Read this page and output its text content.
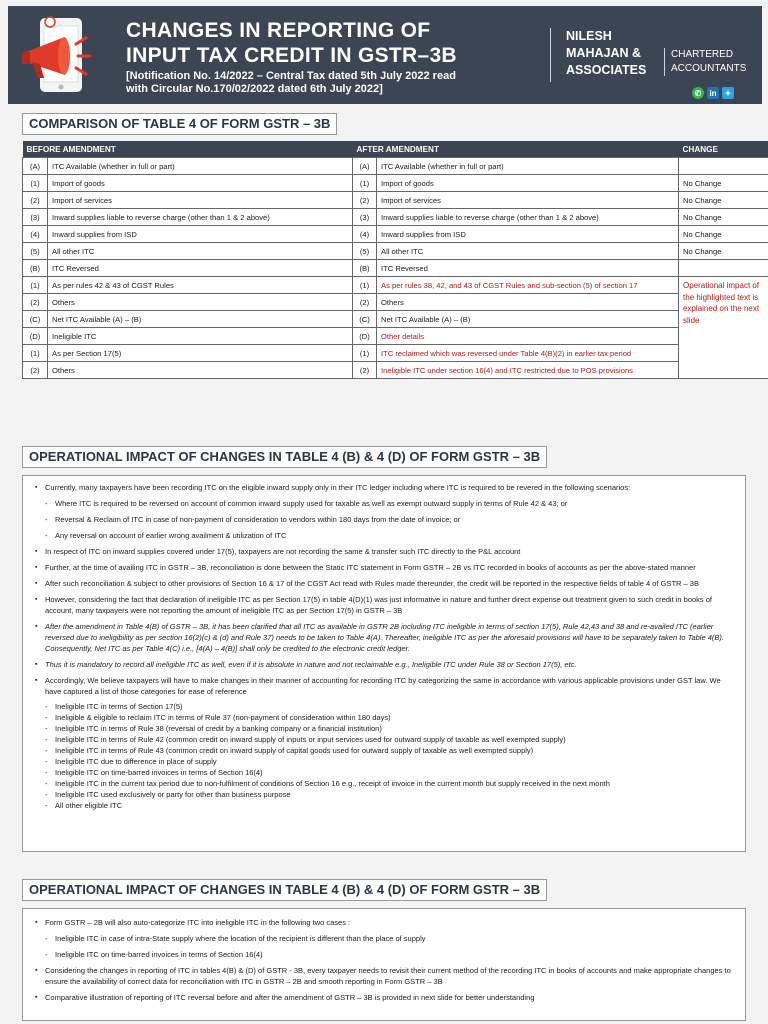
CHANGES IN REPORTING OF
INPUT TAX CREDIT IN GSTR–3B
[Notification No. 14/2022 – Central Tax dated 5th July 2022 read
with Circular No.170/02/2022 dated 6th July 2022]
NILESH
MAHAJAN &
ASSOCIATES
CHARTERED
ACCOUNTANTS
✆	in	✦
COMPARISON OF TABLE 4 OF FORM GSTR – 3B
BEFORE AMENDMENT		AFTER AMENDMENT		CHANGE
(A)	ITC Available (whether in full or part)	(A)	ITC Available (whether in full or part)	
(1)	Import of goods	(1)	Import of goods	No Change
(2)	Import of services	(2)	Import of services	No Change
(3)	Inward supplies liable to reverse charge (other than 1 & 2 above)	(3)	Inward supplies liable to reverse charge (other than 1 & 2 above)	No Change
(4)	Inward supplies from ISD	(4)	Inward supplies from ISD	No Change
(5)	All other ITC	(5)	All other ITC	No Change
(B)	ITC Reversed	(B)	ITC Reversed	
(1)	As per rules 42 & 43 of CGST Rules	(1)	As per rules 38, 42, and 43 of CGST Rules and sub-section (5) of section 17	Operational impact of the highlighted text is explained on the next slide
(2)	Others	(2)	Others	
(C)	Net ITC Available (A) – (B)	(C)	Net ITC Available (A) – (B)	
(D)	Ineligible ITC	(D)	Other details	
(1)	As per Section 17(5)	(1)	ITC reclaimed which was reversed under Table 4(B)(2) in earlier tax period	
(2)	Others	(2)	Ineligible ITC under section 16(4) and ITC restricted due to POS provisions	
OPERATIONAL IMPACT OF CHANGES IN TABLE 4 (B) & 4 (D) OF FORM GSTR – 3B
▪ Currently, many taxpayers have been recording ITC on the eligible inward supply only in their ITC ledger including where ITC is required to be revered in the following scenarios:
- Where ITC is required to be reversed on account of common inward supply used for taxable as well as exempt outward supply in terms of Rule 42 & 43; or
- Reversal & Reclaim of ITC in case of non-payment of consideration to vendors within 180 days from the date of invoice; or
- Any reversal on account of earlier wrong availment & utilization of ITC
▪ In respect of ITC on inward supplies covered under 17(5), taxpayers are not recording the same & transfer such ITC directly to the P&L account
▪ Further, at the time of availing ITC in GSTR – 3B, reconciliation is done between the Static ITC statement in Form GSTR – 2B vs ITC recorded in books of accounts as per the above-stated manner
▪ After such reconciliation & subject to other provisions of Section 16 & 17 of the CGST Act read with Rules made thereunder, the credit will be reported in the respective fields of table 4 of GSTR – 3B
▪ However, considering the fact that declaration of ineligible ITC as per Section 17(5) in table 4(D)(1) was just informative in nature and further direct expense out treatment given to such credit in books of account, many taxpayers were not reporting the amount of ineligible ITC as per Section 17(5) in GSTR – 3B
▪ After the amendment in Table 4(B) of GSTR – 3B, it has been clarified that all ITC as available in GSTR 2B including ITC ineligible in terms of section 17(5), Rule 42,43 and 38 and re-availed ITC (earlier reversed due to ineligibility as per section 16(2)(c) & (d) and Rule 37) needs to be taken to Table 4(A). Thereafter, ineligible ITC as per the aforesaid provisions will have to be separately taken to Table 4(B). Consequently, Net ITC as per Table 4(C) i.e., [4(A) – 4(B)] shall only be credited to the electronic credit ledger.
▪ Thus it is mandatory to record all ineligible ITC as well, even if it is absolute in nature and not reclaimable e.g., Ineligible ITC under Rule 38 or Section 17(5), etc.
▪ Accordingly, We believe taxpayers will have to make changes in their manner of accounting for recording ITC by categorizing the same in accordance with various applicable provisions under GST law. We have captured a list of those categories for ease of reference
- Ineligible ITC in terms of Section 17(5)
- Ineligible & eligible to reclaim ITC in terms of Rule 37 (non-payment of consideration within 180 days)
- Ineligible ITC in terms of Rule 38 (reversal of credit by a banking company or a financial institution)
- Ineligible ITC in terms of Rule 42 (common credit on inward supply of inputs or input services used for outward supply of taxable as well exempted supply)
- Ineligible ITC in terms of Rule 43 (common credit on inward supply of capital goods used for outward supply of taxable as well exempted supply)
- Ineligible ITC due to difference in place of supply
- Ineligible ITC on time-barred invoices in terms of Section 16(4)
- Ineligible ITC in the current tax period due to non-fulfilment of conditions of Section 16 e.g., receipt of invoice in the current month but supply received in the next month
- Ineligible ITC used exclusively or party for other than business purpose
- All other eligible ITC
OPERATIONAL IMPACT OF CHANGES IN TABLE 4 (B) & 4 (D) OF FORM GSTR – 3B
▪ Form GSTR – 2B will also auto-categorize ITC into ineligible ITC in the following two cases :
- Ineligible ITC in case of intra-State supply where the location of the recipient is different than the place of supply
- Ineligible ITC on time-barred invoices in terms of Section 16(4)
▪ Considering the changes in reporting of ITC in tables 4(B) & (D) of GSTR - 3B, every taxpayer needs to revisit their current method of the recording ITC in books of accounts and make appropriate changes to ensure the availability of correct data for reconciliation with ITC in GSTR – 2B and smooth reporting in Form GSTR – 3B
▪ Comparative illustration of reporting of ITC reversal before and after the amendment of GSTR – 3B is provided in next slide for better understanding
